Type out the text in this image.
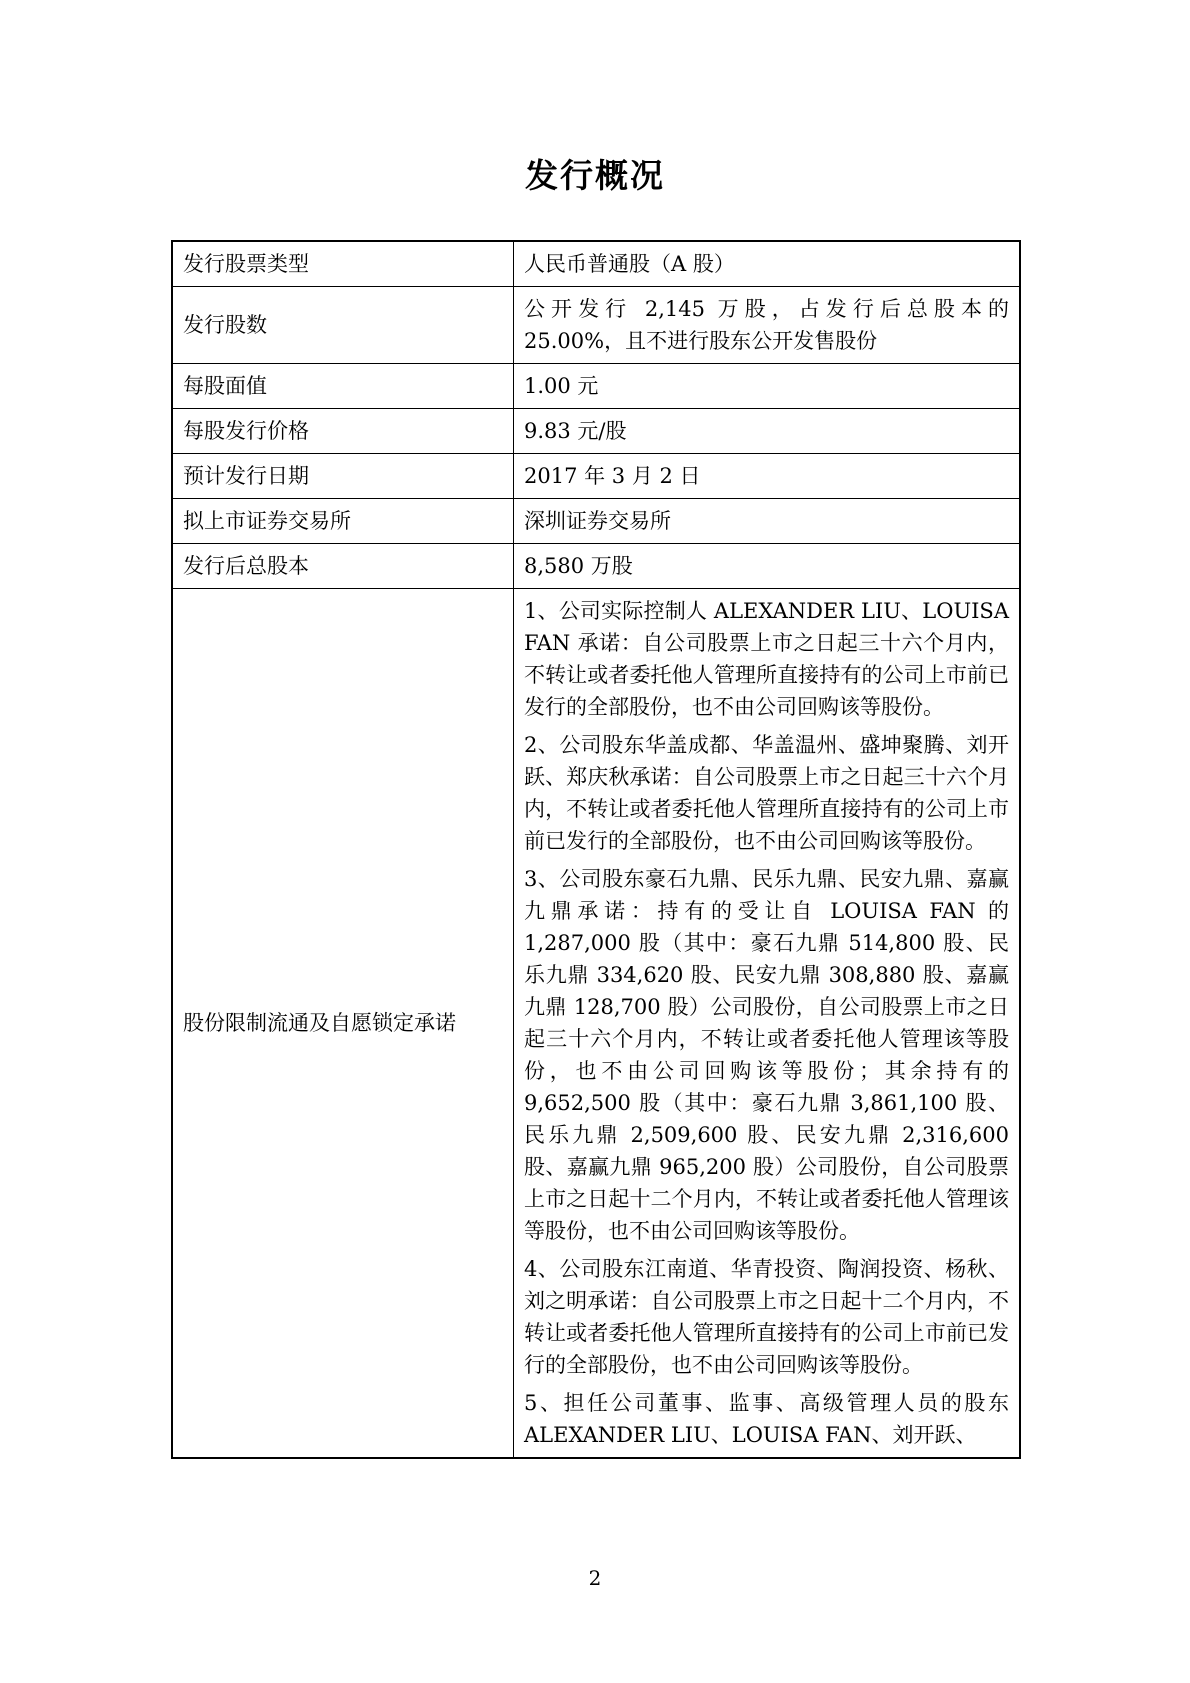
发行概况
发行股票类型	人民币普通股（A 股）
发行股数	公开发行 2,145 万股，占发行后总股本的25.00%，且不进行股东公开发售股份
每股面值	1.00 元
每股发行价格	9.83 元/股
预计发行日期	2017 年 3 月 2 日
拟上市证券交易所	深圳证券交易所
发行后总股本	8,580 万股
股份限制流通及自愿锁定承诺	1、公司实际控制人 ALEXANDER LIU、LOUISA FAN 承诺：自公司股票上市之日起三十六个月内，不转让或者委托他人管理所直接持有的公司上市前已发行的全部股份，也不由公司回购该等股份。

2、公司股东华盖成都、华盖温州、盛坤聚腾、刘开跃、郑庆秋承诺：自公司股票上市之日起三十六个月内，不转让或者委托他人管理所直接持有的公司上市前已发行的全部股份，也不由公司回购该等股份。

3、公司股东豪石九鼎、民乐九鼎、民安九鼎、嘉赢九鼎承诺：持有的受让自 LOUISA FAN 的1,287,000 股（其中：豪石九鼎 514,800 股、民乐九鼎 334,620 股、民安九鼎 308,880 股、嘉赢九鼎 128,700 股）公司股份，自公司股票上市之日起三十六个月内，不转让或者委托他人管理该等股份，也不由公司回购该等股份；其余持有的 9,652,500 股（其中：豪石九鼎 3,861,100 股、民乐九鼎 2,509,600 股、民安九鼎 2,316,600 股、嘉赢九鼎 965,200 股）公司股份，自公司股票上市之日起十二个月内，不转让或者委托他人管理该等股份，也不由公司回购该等股份。

4、公司股东江南道、华青投资、陶润投资、杨秋、刘之明承诺：自公司股票上市之日起十二个月内，不转让或者委托他人管理所直接持有的公司上市前已发行的全部股份，也不由公司回购该等股份。

5、担任公司董事、监事、高级管理人员的股东ALEXANDER LIU、LOUISA FAN、刘开跃、

2
